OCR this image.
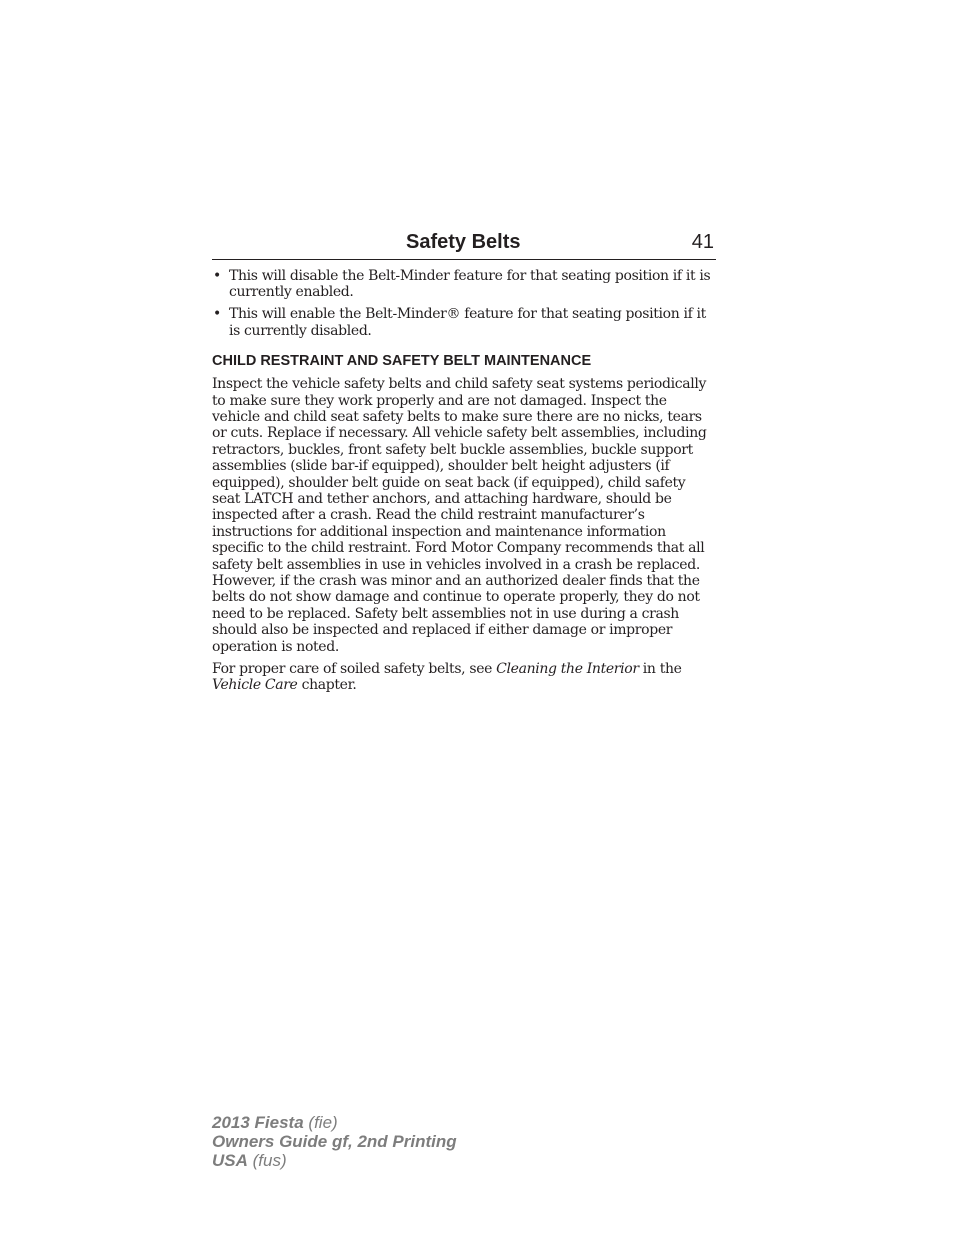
Safety Belts	41
• This will disable the Belt-Minder feature for that seating position if it is currently enabled.
• This will enable the Belt-Minder® feature for that seating position if it is currently disabled.
CHILD RESTRAINT AND SAFETY BELT MAINTENANCE

Inspect the vehicle safety belts and child safety seat systems periodically to make sure they work properly and are not damaged. Inspect the vehicle and child seat safety belts to make sure there are no nicks, tears or cuts. Replace if necessary. All vehicle safety belt assemblies, including retractors, buckles, front safety belt buckle assemblies, buckle support assemblies (slide bar-if equipped), shoulder belt height adjusters (if equipped), shoulder belt guide on seat back (if equipped), child safety seat LATCH and tether anchors, and attaching hardware, should be inspected after a crash. Read the child restraint manufacturer’s instructions for additional inspection and maintenance information specific to the child restraint. Ford Motor Company recommends that all safety belt assemblies in use in vehicles involved in a crash be replaced. However, if the crash was minor and an authorized dealer finds that the belts do not show damage and continue to operate properly, they do not need to be replaced. Safety belt assemblies not in use during a crash should also be inspected and replaced if either damage or improper operation is noted.

For proper care of soiled safety belts, see Cleaning the Interior in the Vehicle Care chapter.

2013 Fiesta (fie)
Owners Guide gf, 2nd Printing
USA (fus)
